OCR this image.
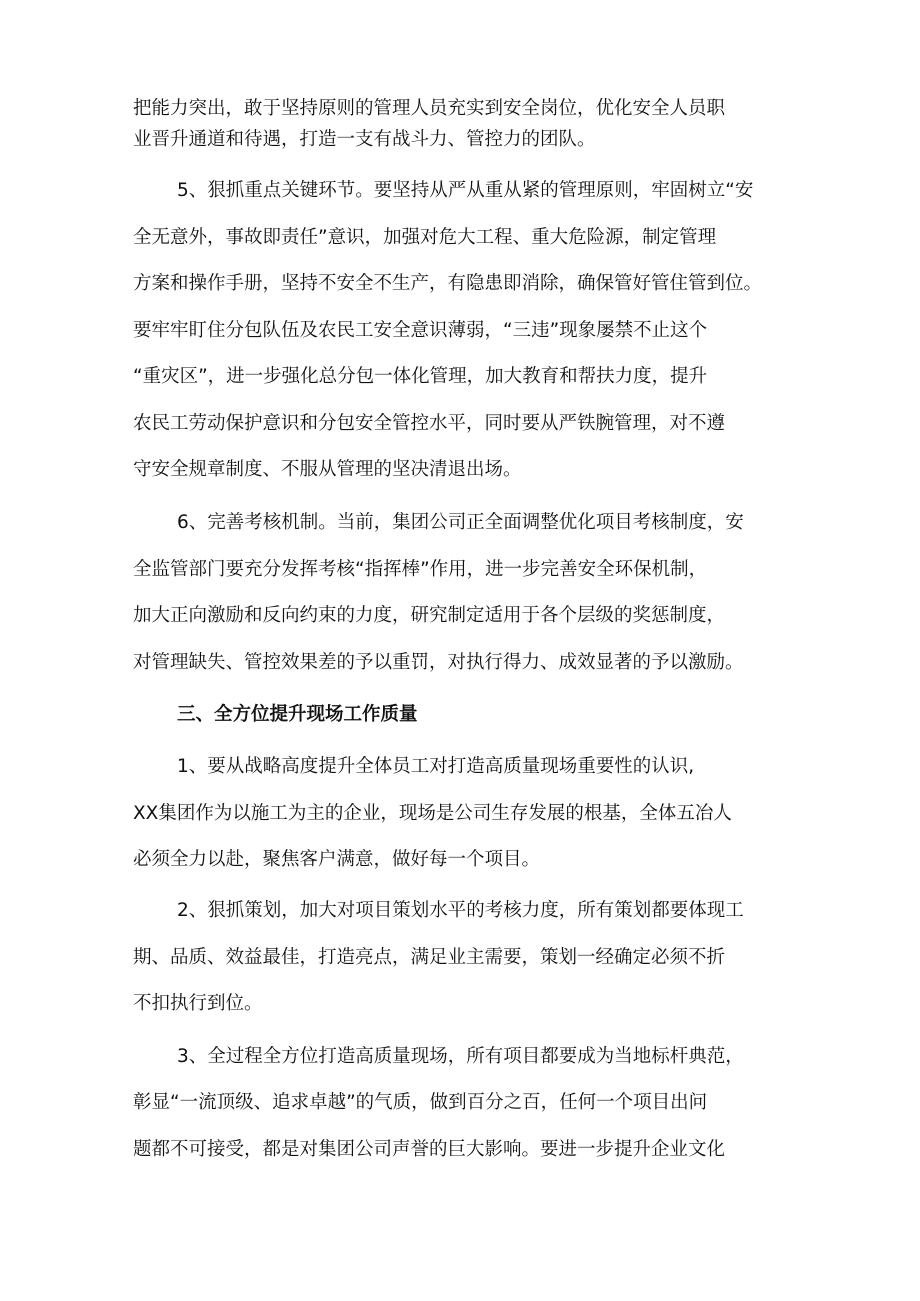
把能力突出，敢于坚持原则的管理人员充实到安全岗位，优化安全人员职
业晋升通道和待遇，打造一支有战斗力、管控力的团队。
5、狠抓重点关键环节。要坚持从严从重从紧的管理原则，牢固树立“安
全无意外，事故即责任”意识，加强对危大工程、重大危险源，制定管理
方案和操作手册，坚持不安全不生产，有隐患即消除，确保管好管住管到位。
要牢牢盯住分包队伍及农民工安全意识薄弱，“三违”现象屡禁不止这个
“重灾区”，进一步强化总分包一体化管理，加大教育和帮扶力度，提升
农民工劳动保护意识和分包安全管控水平，同时要从严铁腕管理，对不遵
守安全规章制度、不服从管理的坚决清退出场。
6、完善考核机制。当前，集团公司正全面调整优化项目考核制度，安
全监管部门要充分发挥考核“指挥棒”作用，进一步完善安全环保机制，
加大正向激励和反向约束的力度，研究制定适用于各个层级的奖惩制度，
对管理缺失、管控效果差的予以重罚，对执行得力、成效显著的予以激励。
三、全方位提升现场工作质量
1、要从战略高度提升全体员工对打造高质量现场重要性的认识,
XX集团作为以施工为主的企业，现场是公司生存发展的根基，全体五冶人
必须全力以赴，聚焦客户满意，做好每一个项目。
2、狠抓策划，加大对项目策划水平的考核力度，所有策划都要体现工
期、品质、效益最佳，打造亮点，满足业主需要，策划一经确定必须不折
不扣执行到位。
3、全过程全方位打造高质量现场，所有项目都要成为当地标杆典范，
彰显“一流顶级、追求卓越”的气质，做到百分之百，任何一个项目出问
题都不可接受，都是对集团公司声誉的巨大影响。要进一步提升企业文化
